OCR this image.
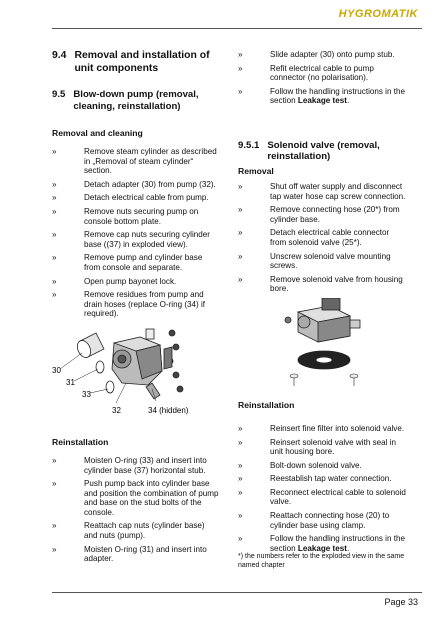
HYGROMATIK
9.4 Removal and installation of unit components
9.5 Blow-down pump (removal, cleaning, reinstallation)

Removal and cleaning

»	Remove steam cylinder as described in „Removal of steam cylinder“ section.
»	Detach adapter (30) from pump (32).
»	Detach electrical cable from pump.
»	Remove nuts securing pump on console bottom plate.
»	Remove cap nuts securing cylinder base ((37) in exploded view).
»	Remove pump and cylinder base from console and separate.
»	Open pump bayonet lock.
»	Remove residues from pump and drain hoses (replace O-ring (34) if required).
30
31
33
32	34 (hidden)

Reinstallation

»	Moisten O-ring (33) and insert into cylinder base (37) horizontal stub.
»	Push pump back into cylinder base and position the combination of pump and base on the stud bolts of the console.
»	Reattach cap nuts (cylinder base) and nuts (pump).
»	Moisten O-ring (31) and insert into adapter.
»	Slide adapter (30) onto pump stub.
»	Refit electrical cable to pump connector (no polarisation).
»	Follow the handling instructions in the section Leakage test.
9.5.1 Solenoid valve (removal, reinstallation)

Removal

»	Shut off water supply and disconnect tap water hose cap screw connection.
»	Remove connecting hose (20*) from cylinder base.
»	Detach electrical cable connector from solenoid valve (25*).
»	Unscrew solenoid valve mounting screws.
»	Remove solenoid valve from housing bore.

Reinstallation

»	Reinsert fine filter into solenoid valve.
»	Reinsert solenoid valve with seal in unit housing bore.
»	Bolt-down solenoid valve.
»	Reestablish tap water connection.
»	Reconnect electrical cable to solenoid valve.
»	Reattach connecting hose (20) to cylinder base using clamp.
»	Follow the handling instructions in the section Leakage test.
*) the numbers refer to the exploded view in the same named chapter
Page 33
